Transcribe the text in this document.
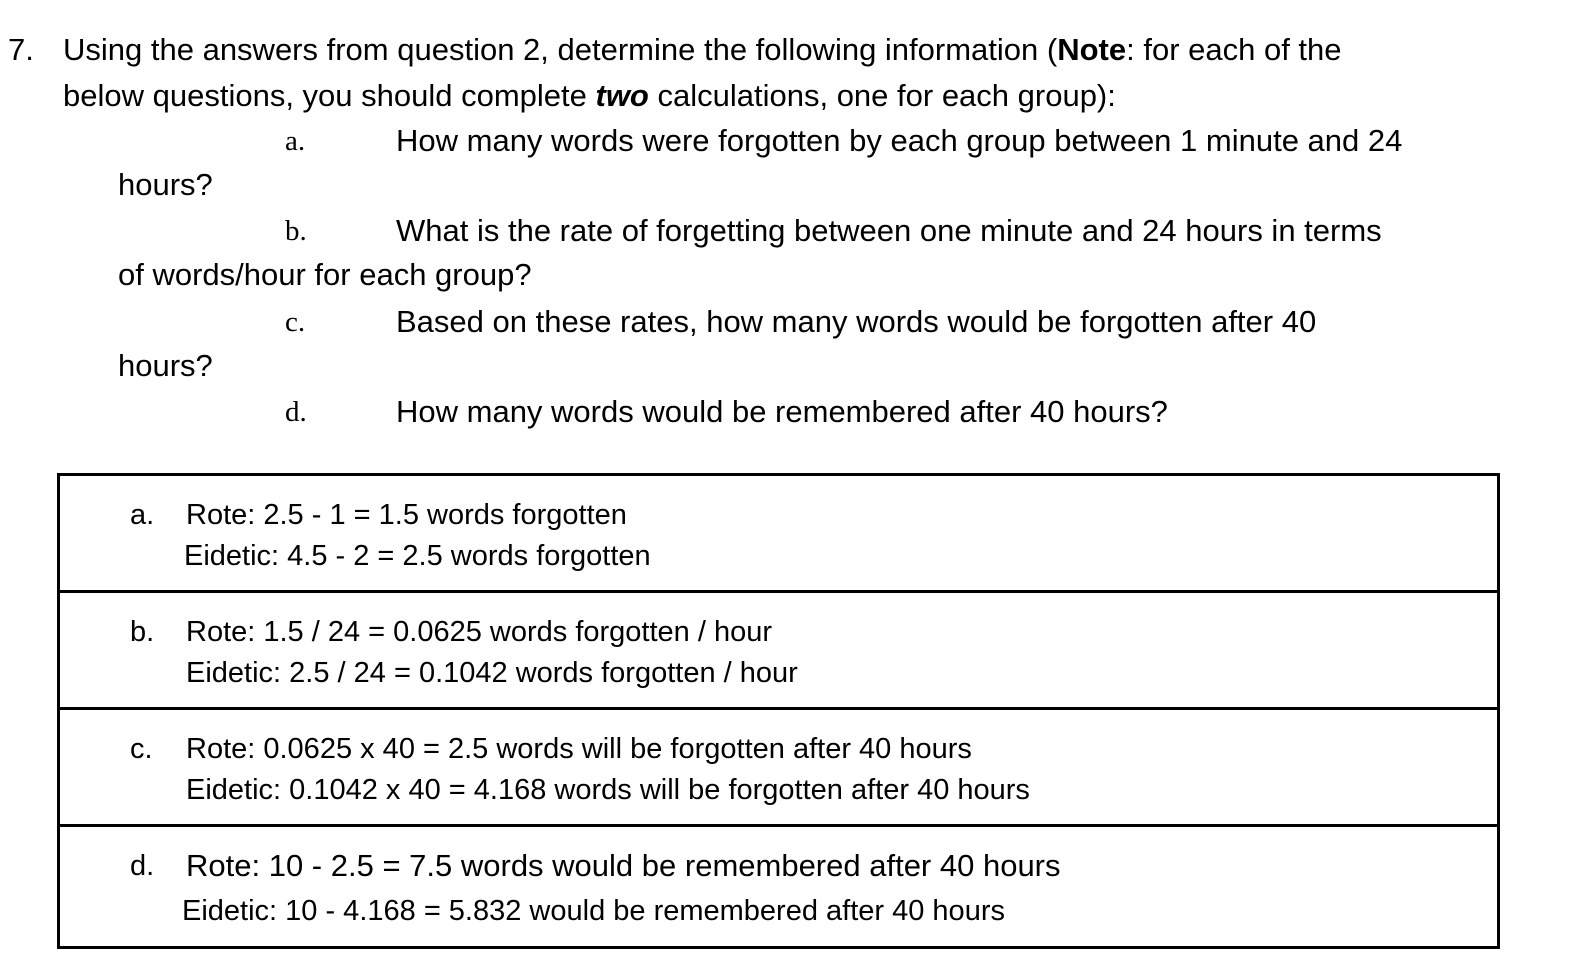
7. Using the answers from question 2, determine the following information (Note: for each of the
below questions, you should complete two calculations, one for each group):
a.	How many words were forgotten by each group between 1 minute and 24
hours?
b.	What is the rate of forgetting between one minute and 24 hours in terms
of words/hour for each group?
c.	Based on these rates, how many words would be forgotten after 40
hours?
d.	How many words would be remembered after 40 hours?
a. Rote: 2.5 - 1 = 1.5 words forgotten
Eidetic: 4.5 - 2 = 2.5 words forgotten
b. Rote: 1.5 / 24 = 0.0625 words forgotten / hour
Eidetic: 2.5 / 24 = 0.1042 words forgotten / hour
c. Rote: 0.0625 x 40 = 2.5 words will be forgotten after 40 hours
Eidetic: 0.1042 x 40 = 4.168 words will be forgotten after 40 hours
d. Rote: 10 - 2.5 = 7.5 words would be remembered after 40 hours
Eidetic: 10 - 4.168 = 5.832 would be remembered after 40 hours
